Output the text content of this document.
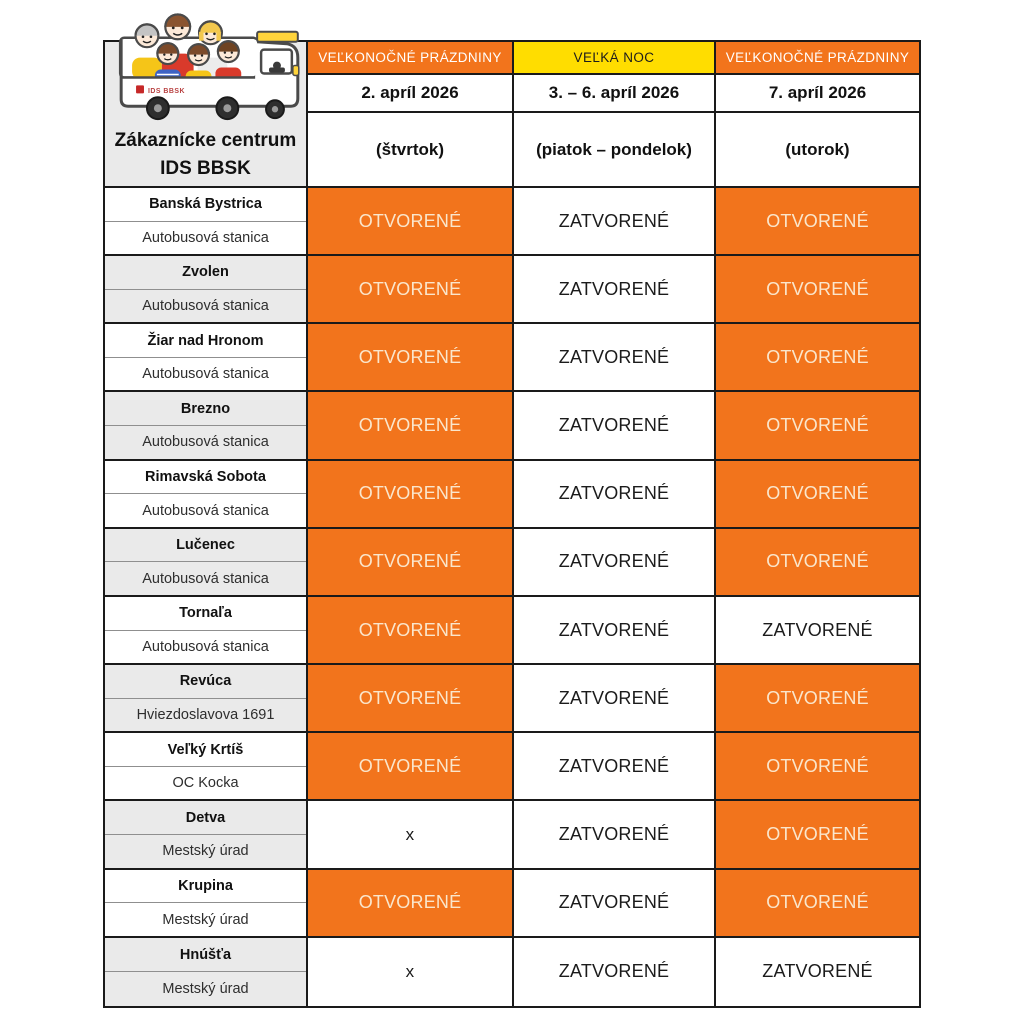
IDS BBSK
Zákaznícke centrum
IDS BBSK
VEĽKONOČNÉ PRÁZDNINY	VEĽKÁ NOC	VEĽKONOČNÉ PRÁZDNINY
2. apríl 2026	3. – 6. apríl 2026	7. apríl 2026
(štvrtok)	(piatok – pondelok)	(utorok)
Banská Bystrica
Autobusová stanica
OTVORENÉ	ZATVORENÉ	OTVORENÉ
Zvolen
Autobusová stanica
OTVORENÉ	ZATVORENÉ	OTVORENÉ
Žiar nad Hronom
Autobusová stanica
OTVORENÉ	ZATVORENÉ	OTVORENÉ
Brezno
Autobusová stanica
OTVORENÉ	ZATVORENÉ	OTVORENÉ
Rimavská Sobota
Autobusová stanica
OTVORENÉ	ZATVORENÉ	OTVORENÉ
Lučenec
Autobusová stanica
OTVORENÉ	ZATVORENÉ	OTVORENÉ
Tornaľa
Autobusová stanica
OTVORENÉ	ZATVORENÉ	ZATVORENÉ
Revúca
Hviezdoslavova 1691
OTVORENÉ	ZATVORENÉ	OTVORENÉ
Veľký Krtíš
OC Kocka
OTVORENÉ	ZATVORENÉ	OTVORENÉ
Detva
Mestský úrad
x	ZATVORENÉ	OTVORENÉ
Krupina
Mestský úrad
OTVORENÉ	ZATVORENÉ	OTVORENÉ
Hnúšťa
Mestský úrad
x	ZATVORENÉ	ZATVORENÉ
